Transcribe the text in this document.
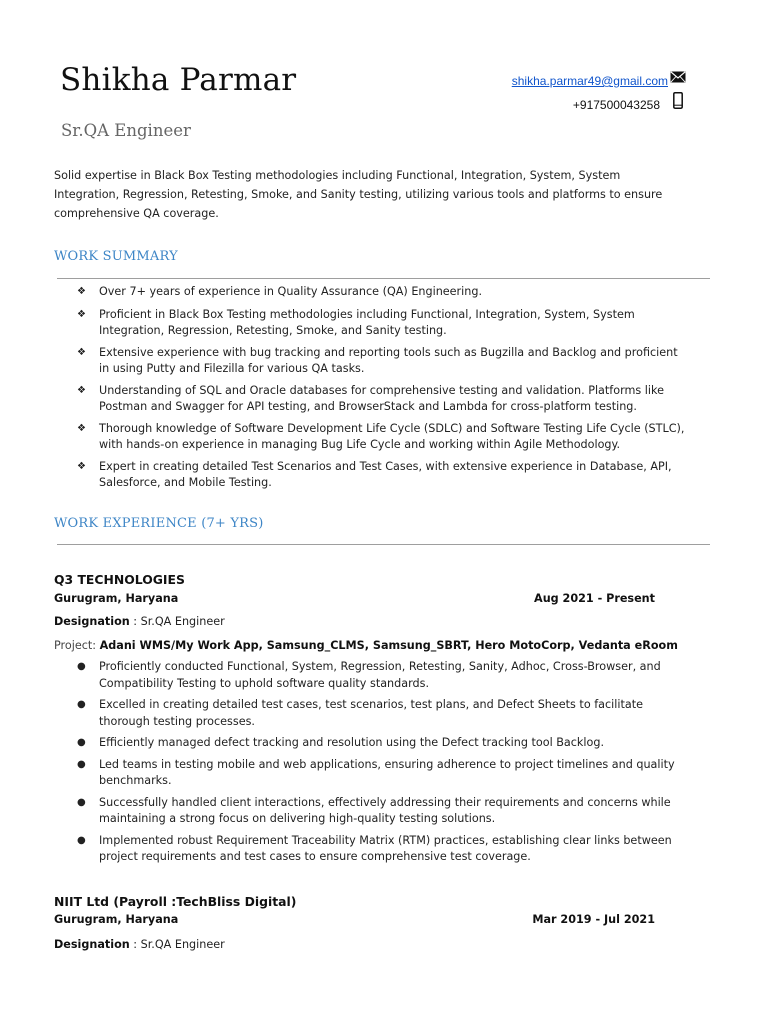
Shikha Parmar
Sr.QA Engineer
shikha.parmar49@gmail.com
+917500043258
Solid expertise in Black Box Testing methodologies including Functional, Integration, System, System Integration, Regression, Retesting, Smoke, and Sanity testing, utilizing various tools and platforms to ensure comprehensive QA coverage.
WORK SUMMARY
❖ Over 7+ years of experience in Quality Assurance (QA) Engineering.
❖ Proficient in Black Box Testing methodologies including Functional, Integration, System, System Integration, Regression, Retesting, Smoke, and Sanity testing.
❖ Extensive experience with bug tracking and reporting tools such as Bugzilla and Backlog and proficient in using Putty and Filezilla for various QA tasks.
❖ Understanding of SQL and Oracle databases for comprehensive testing and validation. Platforms like Postman and Swagger for API testing, and BrowserStack and Lambda for cross-platform testing.
❖ Thorough knowledge of Software Development Life Cycle (SDLC) and Software Testing Life Cycle (STLC), with hands-on experience in managing Bug Life Cycle and working within Agile Methodology.
❖ Expert in creating detailed Test Scenarios and Test Cases, with extensive experience in Database, API, Salesforce, and Mobile Testing.
WORK EXPERIENCE (7+ YRS)
Q3 TECHNOLOGIES
Gurugram, Haryana	Aug 2021 - Present
Designation : Sr.QA Engineer
Project: Adani WMS/My Work App, Samsung_CLMS, Samsung_SBRT, Hero MotoCorp, Vedanta eRoom
● Proficiently conducted Functional, System, Regression, Retesting, Sanity, Adhoc, Cross-Browser, and Compatibility Testing to uphold software quality standards.
● Excelled in creating detailed test cases, test scenarios, test plans, and Defect Sheets to facilitate thorough testing processes.
● Efficiently managed defect tracking and resolution using the Defect tracking tool Backlog.
● Led teams in testing mobile and web applications, ensuring adherence to project timelines and quality benchmarks.
● Successfully handled client interactions, effectively addressing their requirements and concerns while maintaining a strong focus on delivering high-quality testing solutions.
● Implemented robust Requirement Traceability Matrix (RTM) practices, establishing clear links between project requirements and test cases to ensure comprehensive test coverage.
NIIT Ltd (Payroll :TechBliss Digital)
Gurugram, Haryana	Mar 2019 - Jul 2021
Designation : Sr.QA Engineer
